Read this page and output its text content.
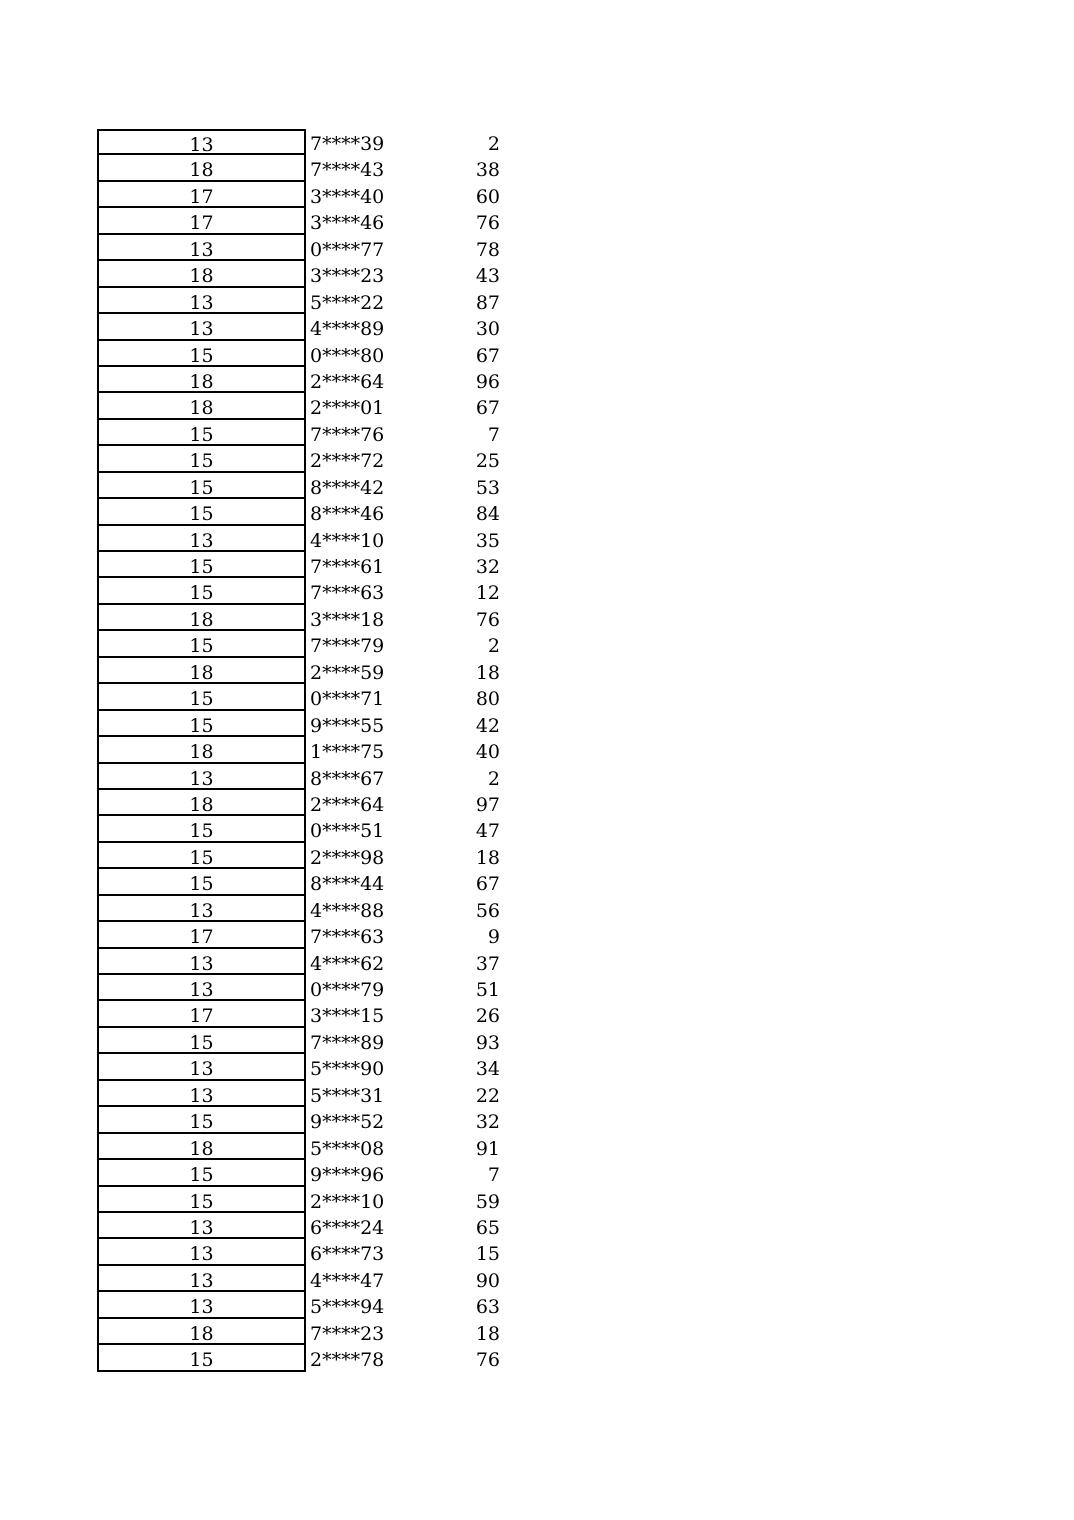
13	7****39	2
18	7****43	38
17	3****40	60
17	3****46	76
13	0****77	78
18	3****23	43
13	5****22	87
13	4****89	30
15	0****80	67
18	2****64	96
18	2****01	67
15	7****76	7
15	2****72	25
15	8****42	53
15	8****46	84
13	4****10	35
15	7****61	32
15	7****63	12
18	3****18	76
15	7****79	2
18	2****59	18
15	0****71	80
15	9****55	42
18	1****75	40
13	8****67	2
18	2****64	97
15	0****51	47
15	2****98	18
15	8****44	67
13	4****88	56
17	7****63	9
13	4****62	37
13	0****79	51
17	3****15	26
15	7****89	93
13	5****90	34
13	5****31	22
15	9****52	32
18	5****08	91
15	9****96	7
15	2****10	59
13	6****24	65
13	6****73	15
13	4****47	90
13	5****94	63
18	7****23	18
15	2****78	76
